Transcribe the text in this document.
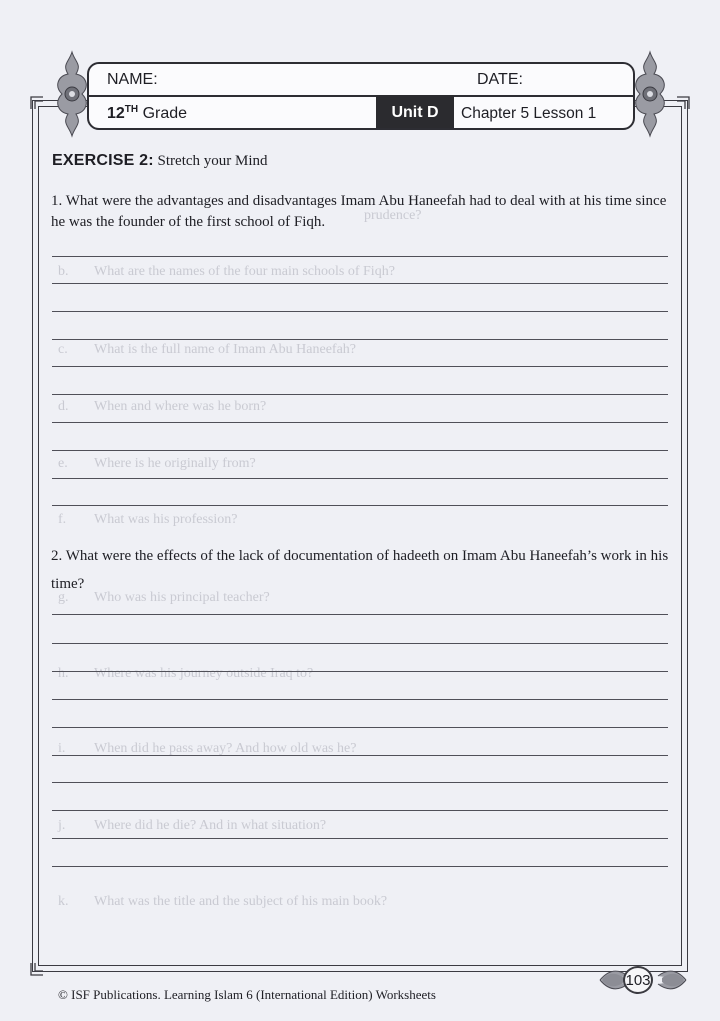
NAME:	DATE:
12TH Grade	Unit D	Chapter 5 Lesson 1
prudence?
b. What are the names of the four main schools of Fiqh?
c. What is the full name of Imam Abu Haneefah?
d. When and where was he born?
e. Where is he originally from?
f. What was his profession?
g. Who was his principal teacher?
h. Where was his journey outside Iraq to?
i. When did he pass away? And how old was he?
j. Where did he die? And in what situation?
k. What was the title and the subject of his main book?
EXERCISE 2: Stretch your Mind
1. What were the advantages and disadvantages Imam Abu Haneefah had to deal with at his time since he was the founder of the first school of Fiqh.
2. What were the effects of the lack of documentation of hadeeth on Imam Abu Haneefah’s work in his time?
103
© ISF Publications. Learning Islam 6 (International Edition) Worksheets
